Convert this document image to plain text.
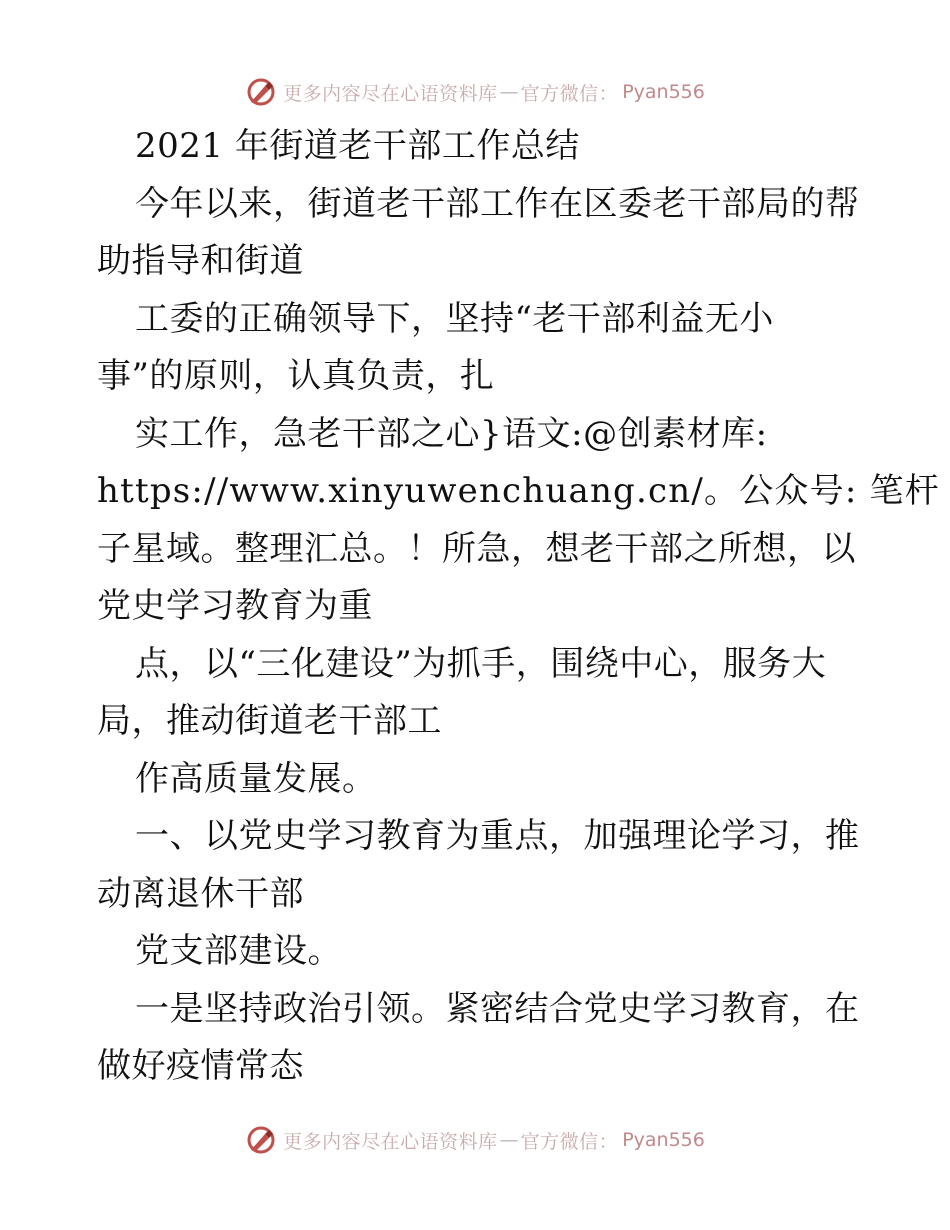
更多内容尽在心语资料库 — 官方微信： Pyan556
2021 年街道老干部工作总结
今年以来，街道老干部工作在区委老干部局的帮
助指导和街道
工委的正确领导下，坚持“老干部利益无小
事”的原则，认真负责，扎
实工作，急老干部之心}语文:@创素材库:
https://www.xinyuwenchuang.cn/。公众号: 笔杆
子星域。整理汇总。！所急，想老干部之所想，以
党史学习教育为重
点，以“三化建设”为抓手，围绕中心，服务大
局，推动街道老干部工
作高质量发展。
一、以党史学习教育为重点，加强理论学习，推
动离退休干部
党支部建设。
一是坚持政治引领。紧密结合党史学习教育，在
做好疫情常态
更多内容尽在心语资料库 — 官方微信： Pyan556
